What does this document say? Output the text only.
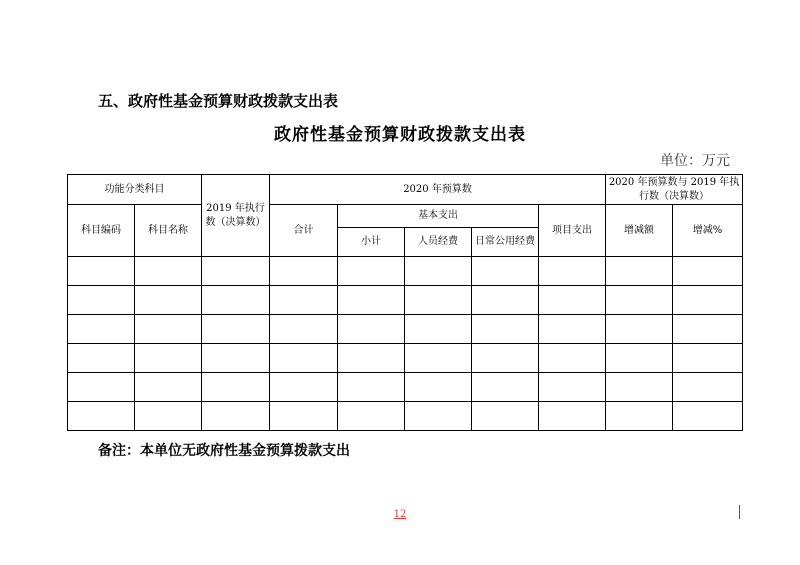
五、政府性基金预算财政拨款支出表
政府性基金预算财政拨款支出表
单位：万元
功能分类科目		2019 年执行数（决算数）	2020 年预算数					2020 年预算数与 2019 年执行数（决算数）	
科目编码	科目名称		合计	基本支出			项目支出	增减额	增减%
				小计	人员经费	日常公用经费			

备注：本单位无政府性基金预算拨款支出
12
